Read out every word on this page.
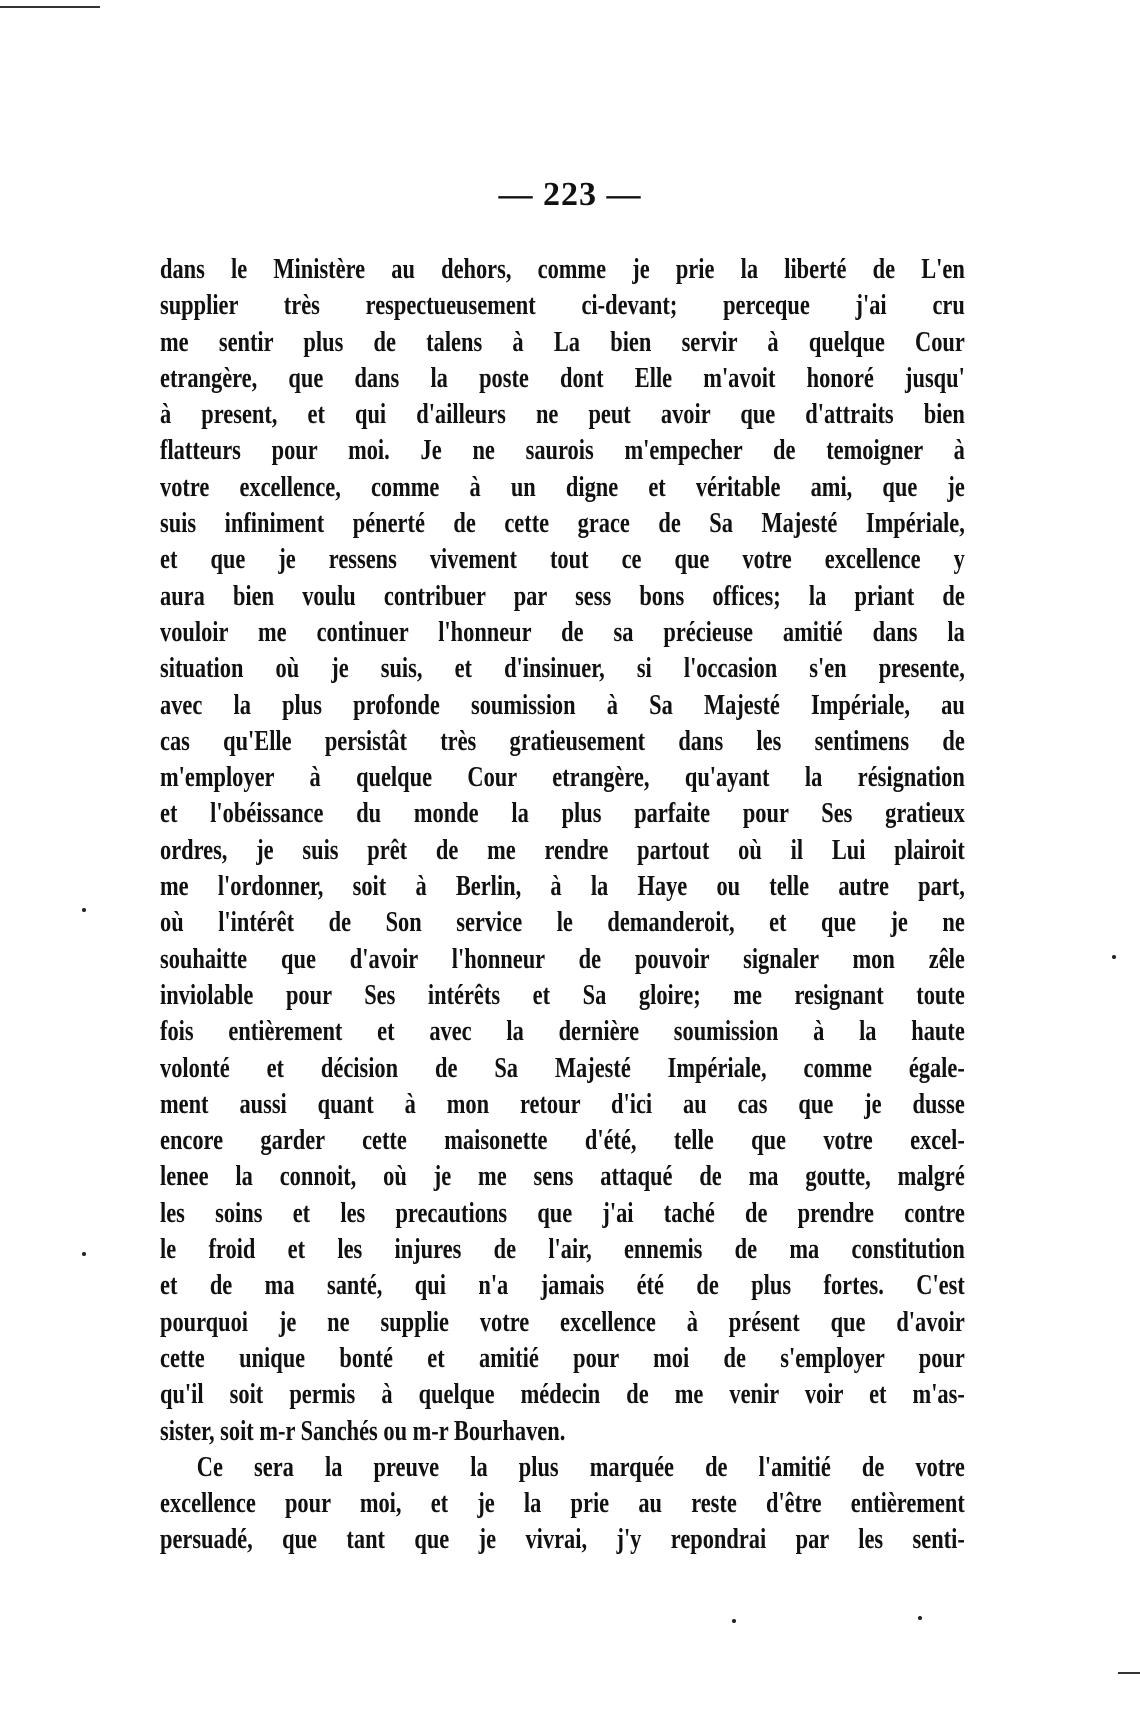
— 223 —
dans le Ministère au dehors, comme je prie la liberté de L'en
supplier très respectueusement ci-devant; perceque j'ai cru
me sentir plus de talens à La bien servir à quelque Cour
etrangère, que dans la poste dont Elle m'avoit honoré jusqu'
à present, et qui d'ailleurs ne peut avoir que d'attraits bien
flatteurs pour moi. Je ne saurois m'empecher de temoigner à
votre excellence, comme à un digne et véritable ami, que je
suis infiniment pénerté de cette grace de Sa Majesté Impériale,
et que je ressens vivement tout ce que votre excellence y
aura bien voulu contribuer par sess bons offices; la priant de
vouloir me continuer l'honneur de sa précieuse amitié dans la
situation où je suis, et d'insinuer, si l'occasion s'en presente,
avec la plus profonde soumission à Sa Majesté Impériale, au
cas qu'Elle persistât très gratieusement dans les sentimens de
m'employer à quelque Cour etrangère, qu'ayant la résignation
et l'obéissance du monde la plus parfaite pour Ses gratieux
ordres, je suis prêt de me rendre partout où il Lui plairoit
me l'ordonner, soit à Berlin, à la Haye ou telle autre part,
où l'intérêt de Son service le demanderoit, et que je ne
souhaitte que d'avoir l'honneur de pouvoir signaler mon zêle
inviolable pour Ses intérêts et Sa gloire; me resignant toute
fois entièrement et avec la dernière soumission à la haute
volonté et décision de Sa Majesté Impériale, comme égale-
ment aussi quant à mon retour d'ici au cas que je dusse
encore garder cette maisonette d'été, telle que votre excel-
lenee la connoit, où je me sens attaqué de ma goutte, malgré
les soins et les precautions que j'ai taché de prendre contre
le froid et les injures de l'air, ennemis de ma constitution
et de ma santé, qui n'a jamais été de plus fortes. C'est
pourquoi je ne supplie votre excellence à présent que d'avoir
cette unique bonté et amitié pour moi de s'employer pour
qu'il soit permis à quelque médecin de me venir voir et m'as-
sister, soit m-r Sanchés ou m-r Bourhaven.
Ce sera la preuve la plus marquée de l'amitié de votre
excellence pour moi, et je la prie au reste d'être entièrement
persuadé, que tant que je vivrai, j'y repondrai par les senti-
